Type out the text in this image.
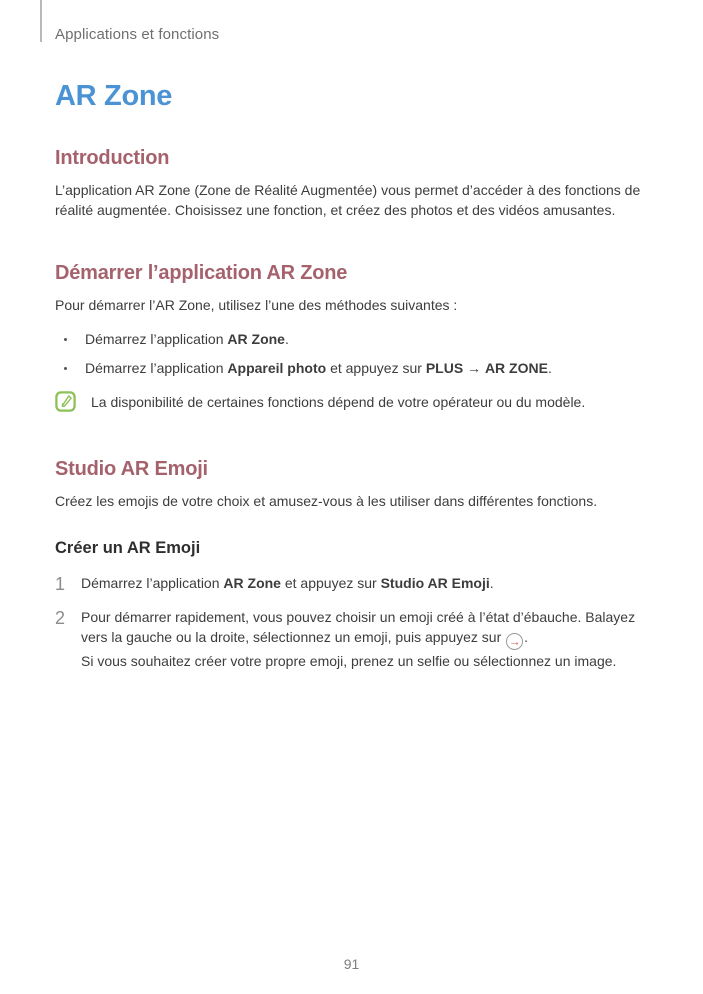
Applications et fonctions
AR Zone
Introduction

L’application AR Zone (Zone de Réalité Augmentée) vous permet d’accéder à des fonctions de réalité augmentée. Choisissez une fonction, et créez des photos et des vidéos amusantes.

Démarrer l’application AR Zone

Pour démarrer l’AR Zone, utilisez l’une des méthodes suivantes :

Démarrez l’application AR Zone.
Démarrez l’application Appareil photo et appuyez sur PLUS → AR ZONE.

La disponibilité de certaines fonctions dépend de votre opérateur ou du modèle.

Studio AR Emoji

Créez les emojis de votre choix et amusez-vous à les utiliser dans différentes fonctions.

Créer un AR Emoji
1	Démarrez l’application AR Zone et appuyez sur Studio AR Emoji.

2	Pour démarrer rapidement, vous pouvez choisir un emoji créé à l’état d’ébauche. Balayez vers la gauche ou la droite, sélectionnez un emoji, puis appuyez sur → .

Si vous souhaitez créer votre propre emoji, prenez un selfie ou sélectionnez un image.

91
